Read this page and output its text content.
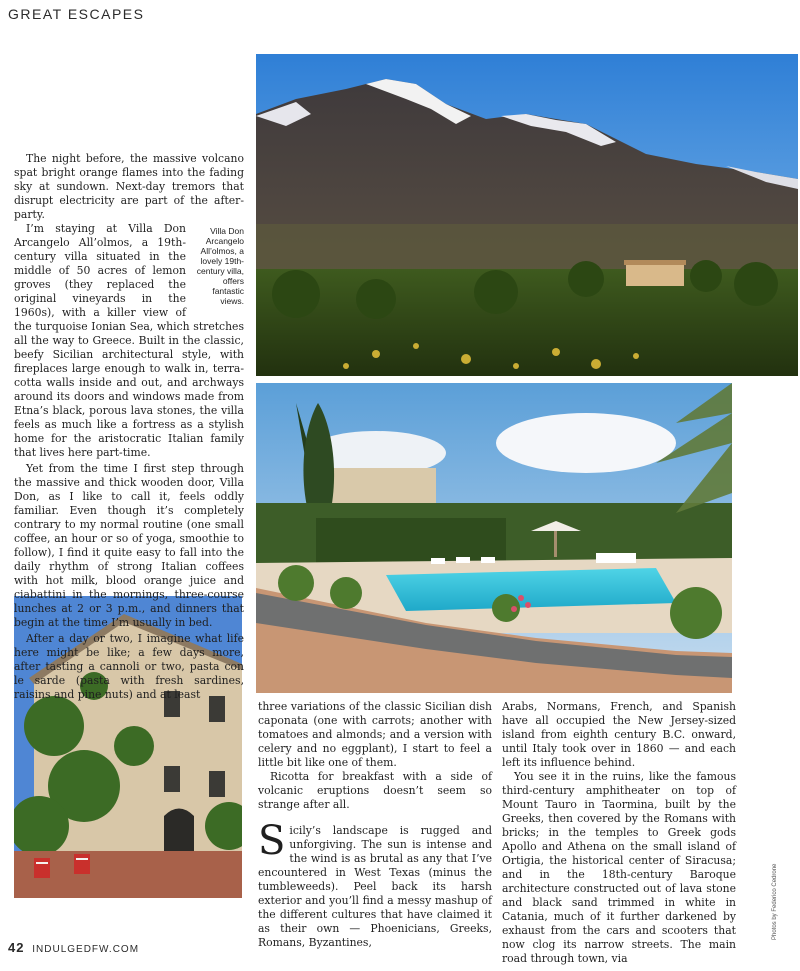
GREAT ESCAPES

The night before, the massive volcano spat bright orange flames into the fading sky at sundown. Next-day tremors that disrupt electricity are part of the after-party.

Villa Don Arcangelo All’olmos, a lovely 19th-century villa, offers fantastic views.
I’m staying at Villa Don Arcangelo All’olmos, a 19th-century villa situated in the middle of 50 acres of lemon groves (they replaced the original vineyards in the 1960s), with a killer view of the turquoise Ionian Sea, which stretches all the way to Greece. Built in the classic, beefy Sicilian architectural style, with fireplaces large enough to walk in, terra-cotta walls inside and out, and archways around its doors and windows made from Etna’s black, porous lava stones, the villa feels as much like a fortress as a stylish home for the aristocratic Italian family that lives here part-time.

Yet from the time I first step through the massive and thick wooden door, Villa Don, as I like to call it, feels oddly familiar. Even though it’s completely contrary to my normal routine (one small coffee, an hour or so of yoga, smoothie to follow), I find it quite easy to fall into the daily rhythm of strong Italian coffees with hot milk, blood orange juice and ciabattini in the mornings, three-course lunches at 2 or 3 p.m., and dinners that begin at the time I’m usually in bed.

After a day or two, I imagine what life here might be like; a few days more, after tasting a cannoli or two, pasta con le sarde (pasta with fresh sardines, raisins and pine nuts) and at least

three variations of the classic Sicilian dish caponata (one with carrots; another with tomatoes and almonds; and a version with celery and no eggplant), I start to feel a little bit like one of them.

Ricotta for breakfast with a side of volcanic eruptions doesn’t seem so strange after all.

Sicily’s landscape is rugged and unforgiving. The sun is intense and the wind is as brutal as any that I’ve encountered in West Texas (minus the tumbleweeds). Peel back its harsh exterior and you’ll find a messy mashup of the different cultures that have claimed it as their own — Phoenicians, Greeks, Romans, Byzantines,

Arabs, Normans, French, and Spanish have all occupied the New Jersey-sized island from eighth century B.C. onward, until Italy took over in 1860 — and each left its influence behind.

You see it in the ruins, like the famous third-century amphitheater on top of Mount Tauro in Taormina, built by the Greeks, then covered by the Romans with bricks; in the temples to Greek gods Apollo and Athena on the small island of Ortigia, the historical center of Siracusa; and in the 18th-century Baroque architecture constructed out of lava stone and black sand trimmed in white in Catania, much of it further darkened by exhaust from the cars and scooters that now clog its narrow streets. The main road through town, via

Photos by Federico Cedrone
42 INDULGEDFW.COM
